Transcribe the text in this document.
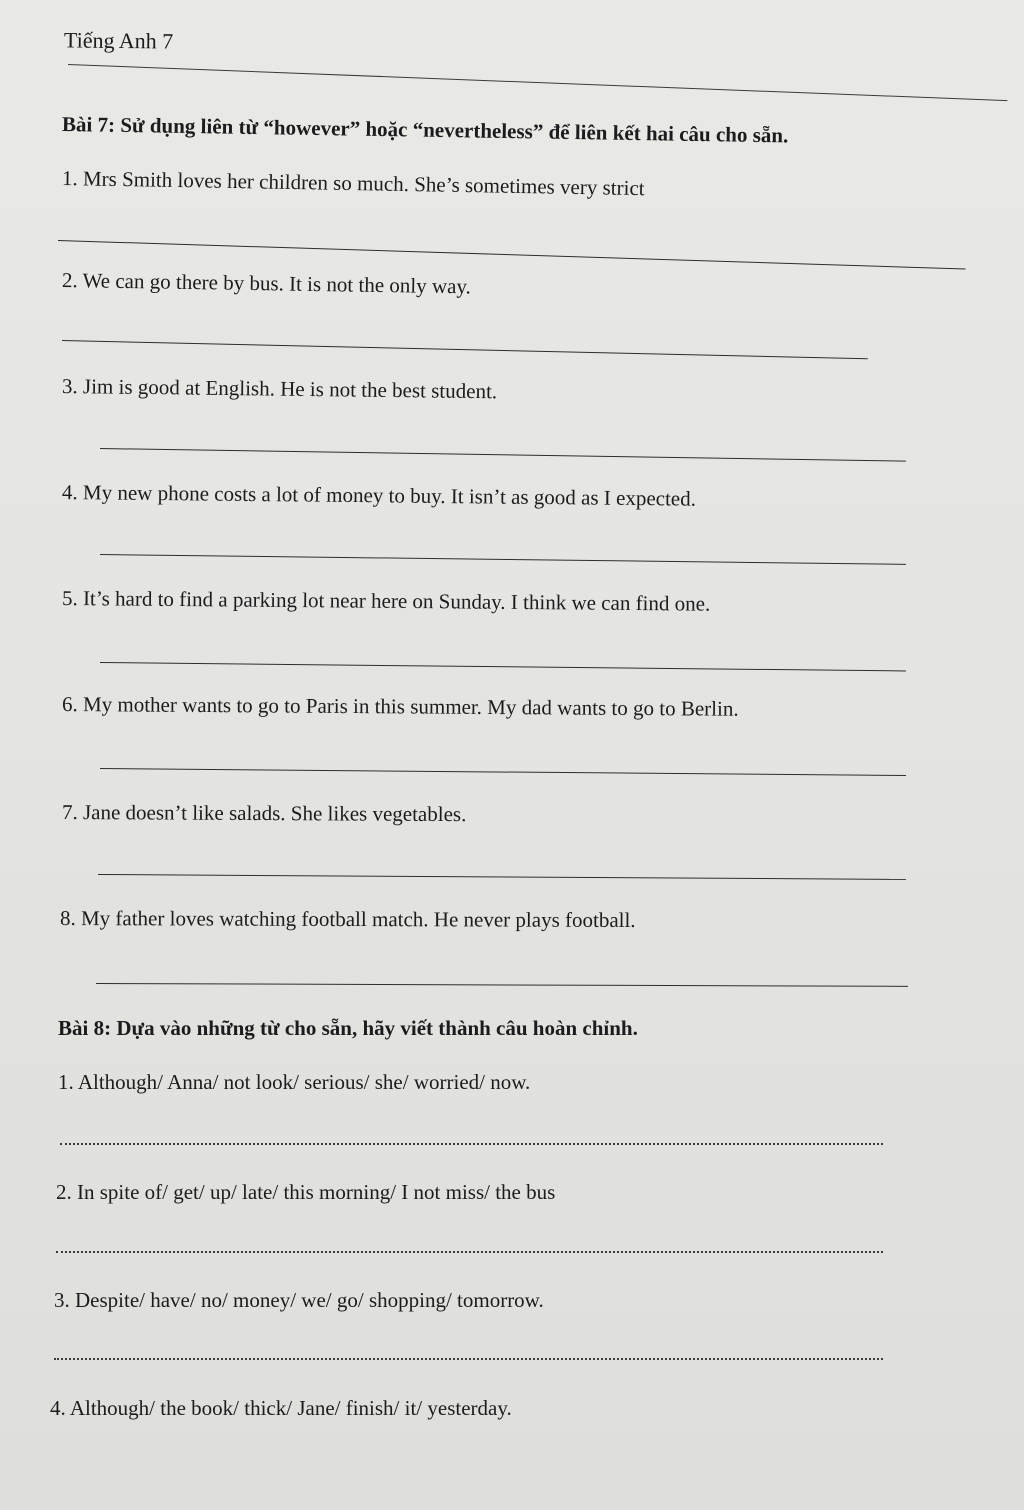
Tiếng Anh 7
Bài 7: Sử dụng liên từ “however” hoặc “nevertheless” để liên kết hai câu cho sẵn.
1. Mrs Smith loves her children so much. She’s sometimes very strict
2. We can go there by bus. It is not the only way.
3. Jim is good at English. He is not the best student.
4. My new phone costs a lot of money to buy. It isn’t as good as I expected.
5. It’s hard to find a parking lot near here on Sunday. I think we can find one.
6. My mother wants to go to Paris in this summer. My dad wants to go to Berlin.
7. Jane doesn’t like salads. She likes vegetables.
8. My father loves watching football match. He never plays football.
Bài 8: Dựa vào những từ cho sẵn, hãy viết thành câu hoàn chỉnh.
1. Although/ Anna/ not look/ serious/ she/ worried/ now.
2. In spite of/ get/ up/ late/ this morning/ I not miss/ the bus
3. Despite/ have/ no/ money/ we/ go/ shopping/ tomorrow.
4. Although/ the book/ thick/ Jane/ finish/ it/ yesterday.
